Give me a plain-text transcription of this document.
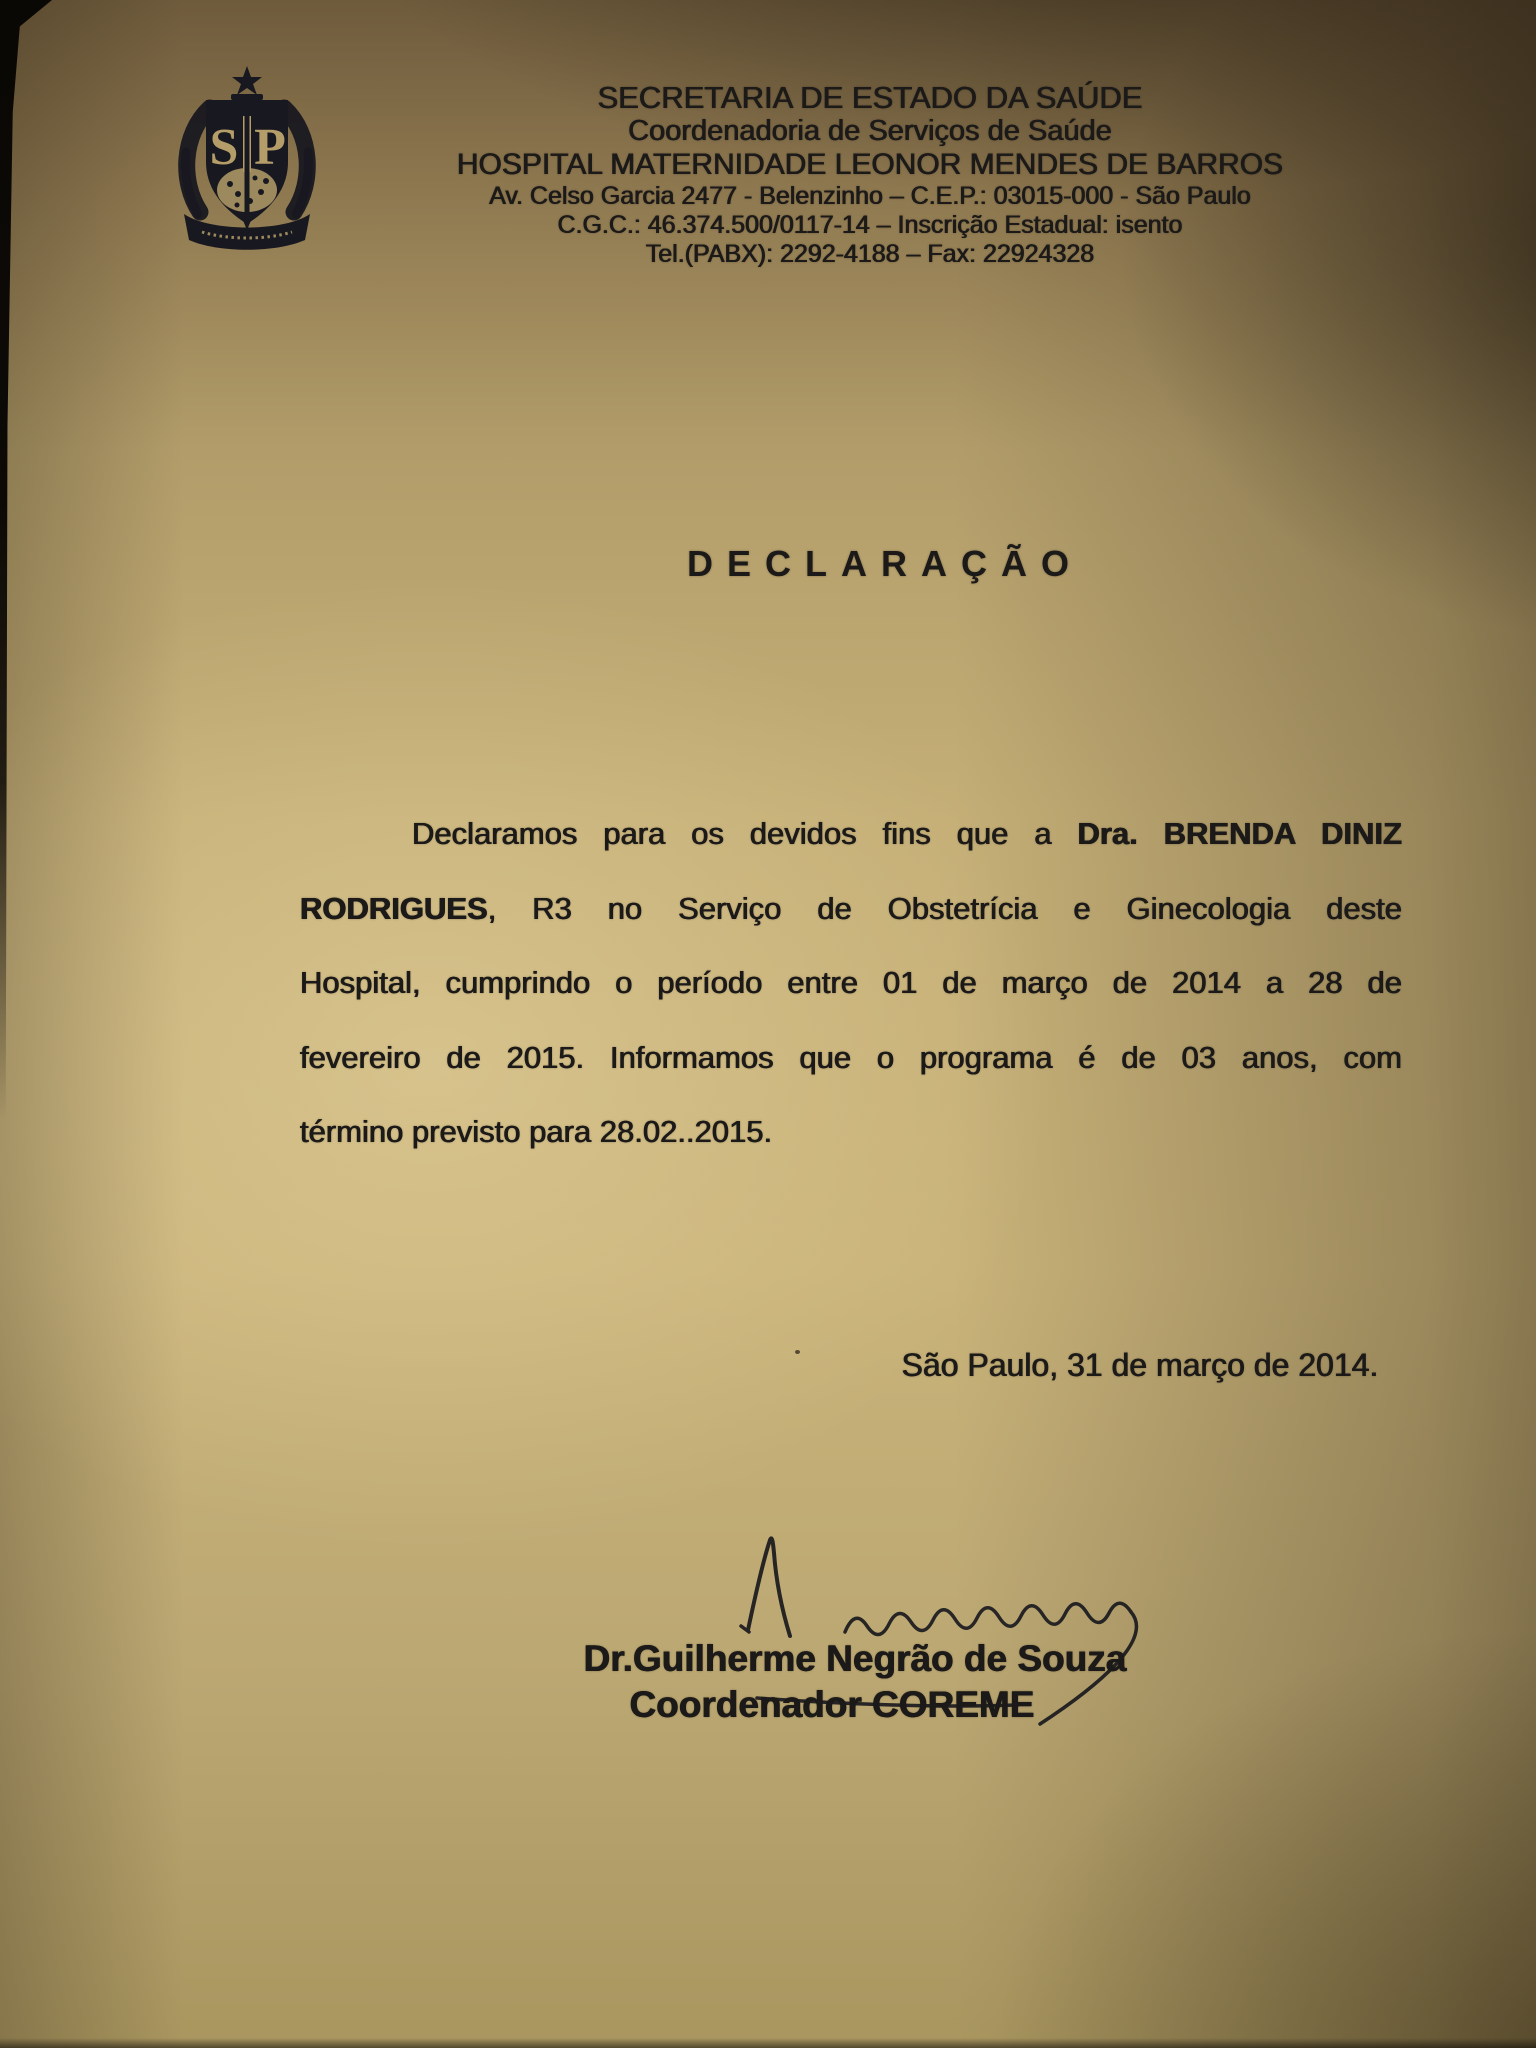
S P
SECRETARIA DE ESTADO DA SAÚDE
Coordenadoria de Serviços de Saúde
HOSPITAL MATERNIDADE LEONOR MENDES DE BARROS
Av. Celso Garcia 2477 - Belenzinho – C.E.P.: 03015-000 - São Paulo
C.G.C.: 46.374.500/0117-14 – Inscrição Estadual: isento
Tel.(PABX): 2292-4188 – Fax: 22924328
DECLARAÇÃO
Declaramos para os devidos fins que a Dra. BRENDA DINIZ
RODRIGUES, R3 no Serviço de Obstetrícia e Ginecologia deste
Hospital, cumprindo o período entre 01 de março de 2014 a 28 de
fevereiro de 2015. Informamos que o programa é de 03 anos, com
término previsto para 28.02..2015.
São Paulo, 31 de março de 2014.
Dr.Guilherme Negrão de Souza
Coordenador COREME
